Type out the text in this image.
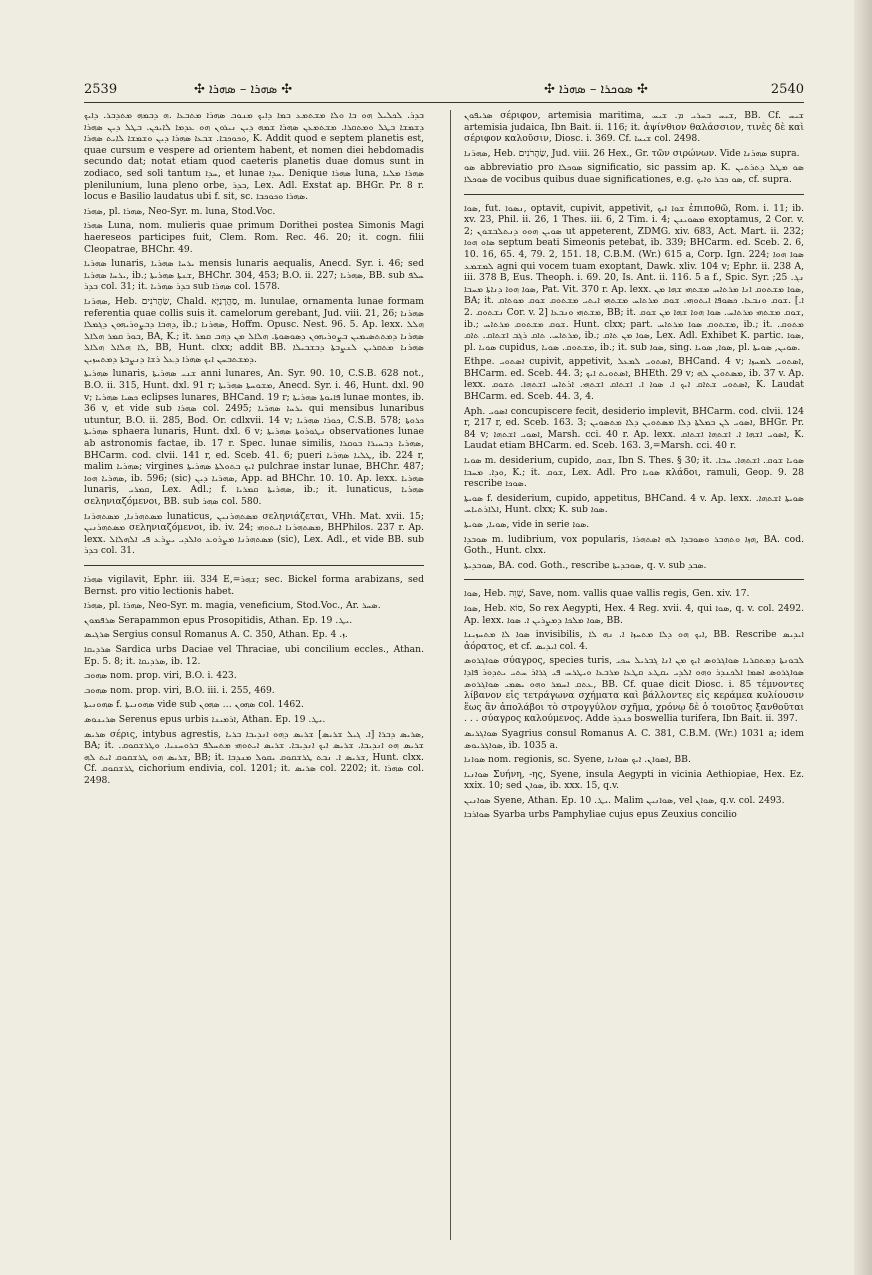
2539	✣ ܣܗܪܐ – ܣܗܪܐ ✣	✣ ܣܘܟܪܐ – ܣܗܪܐ ✣	2540

ܒܕܪ. ܠܟܠܝܠ ܗܘ ܒܐ ܘܠܐ ܡܫܬܡܥ ܒܡܐ ܕܐܝܟ ܡܢܘܒ ܣܗܪܐ ܡܬܒܥܐ .ܗ ܕܒܡܗ ܡܬܕܒܪ. ܕܐܝܟ ܕܫܡܫܐ ܒܛܠ ܘܡܬܩܪܐ. ܡܫܬܡܥܢ ܣܗܪܐ ܫܡܗ ܕܝܢ ܢܝܪܘܢ ܗܘ ܥܕܡܐ ܠܐܝܟܢ. ܒܛܠ ܕܝܢ ܣܗܪܐ ܘܟܘܟܒܐ. ܫܒܥܐ ܣܗܪܐ ܕܝܢ ܘܫܡܫܐ ܠܐܝܬ ܣܗܪܐ, K. Addit quod e septem planetis est, quae cursum e vespere ad orientem habent, et nomen diei hebdomadis secundo dat; notat etiam quod caeteris planetis duae domus sunt in zodiaco, sed soli tantum ܚܕܐ, et lunae ܚܕܐ. Denique ܣܗܪܐ luna, ܣܗܪܐ ܡܠܝܐ plenilunium, luna pleno orbe, ܒܕܪ, Lex. Adl. Exstat ap. BHGr. Pr. 8 r. locus e Basilio laudatus ubi f. sit, sc. ܣܗܪܐ ܘܟܘܟܒܐ.

ܣܗܪܐ, pl. ܣܗܪܐ, Neo-Syr. m. luna, Stod.Voc.

ܣܗܪܐ Luna, nom. mulieris quae primum Dorithei postea Simonis Magi haereseos participes fuit, Clem. Rom. Rec. 46. 20; it. cogn. filii Cleopatrae, BHChr. 49.

ܣܗܪܝܐ lunaris, ܝܪܚܐ ܣܗܪܝܐ mensis lunaris aequalis, Anecd. Syr. i. 46; sed ܝܪܚܐ ܣܗܪܝܐ, ib.; ܫܢܬܐ ܣܗܪܝܬܐ, BHChr. 304, 453; B.O. ii. 227; ܣܗܪܝܐ, BB. sub ܚܠܦ ܒܕܪ col. 31; it. ܒܕܪ ܣܗܪܝܐ sub ܣܗܪܐ col. 1578.

ܣܗܪܢܐ, Heb. שַׂהֲרֹנִים, Chald. סַהֲרָנַיָּא, m. lunulae, ornamenta lunae formam referentia quae collis suis it. camelorum gerebant, Jud. viii. 21, 26; ܣܗܪܢܐ ܕܗܒܐ ܕܒܨܘܪܝܗܘܢ ܕܓܡܠܐ, ib.; ܣܗܪܢܐ, Hoffm. Opusc. Nest. 96. 5. Ap. lexx. ܗܠܠ ܒܘܪ ܩܡܪ ܗܠܐܠ, BA, K.; it. ܣܗܪܢܐ ܕܡܬܬܣܝܡܝܢ ܒܨܘܪܝܗܘܢ ܕܣܘܣܘܬܐ. ܗܠܐܠ ܡܢ ܕܗܒ ܩܡܪ ܠܐ ܗܠܐܠ ܗܠܐܠ, BB, Hunt. clxx; addit BB. ܣܗܪܢܐ ܡܬܩܪܝܢ ܠܢܨܒܬܐ ܕܒܫܒܝܠܐ ܕܡܫܬܒܚܢ ܐܝܟ ܣܗܪܐ ܕܥܠ ܪܫܐ ܕܢܨܒܬܐ ܕܡܬܚܙܝܢ.

ܣܗܪܝܬܐ lunaris, ܫܢܝ ܣܗܪܝܬܐ anni lunares, An. Syr. 90. 10, C.S.B. 628 not., B.O. ii. 315, Hunt. dxl. 91 r; ܡܫܘܚܬܐ ܣܗܪܝܬܐ, Anecd. Syr. i. 46, Hunt. dxl. 90 v; ܟܣܝܐ ܣܗܪܝܐ eclipses lunares, BHCand. 19 r; ܦܐܝܘܬܐ ܣܗܪܝܬܐ lunae montes, ib. 36 v, et vide sub ܣܗܪܐ col. 2495; ܝܪܚܐ ܣܗܪܝܐ qui mensibus lunaribus utuntur, B.O. ii. 285, Bod. Or. cdlxvii. 14 v; ܟܘܪܐ ܣܗܪܝܐ, C.S.B. 578; ܟܪܘܬܐ ܣܗܪܝܬܐ sphaera lunaris, Hunt. dxl. 6 v; ܢܛܘܪܘܬܐ ܣܗܪܝܬܐ observationes lunae ab astronomis factae, ib. 17 r. Spec. lunae similis, ܣܗܪܝܐ ܕܒܚܝܪܐ ܒܘܩܪܐ, BHCarm. cod. clvii. 141 r, ed. Sceb. 41. 6; pueri ܛܠܝܐ ܣܗܪܝܐ, ib. 224 r, malim ܣܗܪܝܐ; virgines ܐܝܟ ܒܬܘܠܬܐ ܣܗܪܝܬܐ pulchrae instar lunae, BHChr. 487; ܣܗܪܝܐ ܗܘܐ, ib. 596; (sic) ܣܗܪܝܐ ܕܝܢ, App. ad BHChr. 10. 10. Ap. lexx. ܣܗܪܝܐ lunaris, ܩܡܪܝ, Lex. Adl.; f. ܣܗܪܝܬܐ ܩܡܪܝܐ, ib.; it. lunaticus, ܣܗܪܝܐ σεληνιαζόμενοι, BB. sub ܣܗܪ col. 580.

ܡܣܬܗܪܢܐ, ܡܣܬܗܪܢܐ lunaticus, ܡܣܬܗܪܢܝܢ σεληνιάζεται, VHh. Mat. xvii. 15; ܡܣܬܗܪܢܝܢ σεληνιαζόμενοι, ib. iv. 24; ܡܣܬܗܪܢܐ ܐܝܬܘܗܝ, BHPhilos. 237 r. Ap. lexx. ܡܣܬܗܪܢܐ ܡܨܪܘܥ ܘܐܠܕܝ ܝܨܪܥ ܦܝ ܐܠܗܠܐܠ (sic), Lex. Adl., et vide BB. sub ܒܕܪ col. 31.

ܣܗܪܐ vigilavit, Ephr. iii. 334 E,=ܫܗܪ; sec. Bickel forma arabizans, sed Bernst. pro vitio lectionis habet.

ܣܗܪܐ, pl. ܣܗܪܐ, Neo-Syr. m. magia, veneficium, Stod.Voc., Ar. ܣܚܪ.

ܣܪܦܡܘܢ Serapammon epus Prosopitidis, Athan. Ep. ܝܛ. 19.

ܣܪܓܝܣ Sergius consul Romanus A. C. 350, Athan. Ep. ܙ. 4.

ܣܪܕܝܩܐ Sardica urbs Daciae vel Thraciae, ubi concilium eccles., Athan. Ep. 5. 8; it. ܣܪܕܝܩܐ, ib. 12.

ܣܗܘܒ nom. prop. viri, B.O. i. 423.

ܣܗܘܒ nom. prop. viri, B.O. iii. i. 255, 469.

ܣܗܘܢܝܬܐ f. ܣܗܘܢܝܬܐ vide sub ܣܗܘܢ … ܣܗܘܢ col. 1462.

ܣܪܝܢܘܣ Serenus epus urbis ܐܪܡܝܢܐ, Athan. Ep. ܝܛ. 19.

ܣܪܝܣ σέρις, intybus agrestis, ܣܪܝܣ ܕܒܪܐ [ܐ. ܓܝܠ ܫܪܝܣ] ܫܪܝܣ ܕܗܘ ܐܢܕܝܒܐ ܒܪܝܐ, BA; it. ܫܪܝܣ ܗܘ ܐܢܕܝܒܐ. ܫܪܝܣ ܐܝܟ ܐܢܕܝܒܐ. ܫܪܝܣ ܐܝܬܘܗܝ ܡܬܚܠܦ ܒܪܘܚܢܝܐ. ܘܛܪܫܩܘܩ. ܫܪܝܣ ܗܘ ܛܪܫܩܘܩ ܐܝܬ ܠܗ, BB; it. ܫܪܝܣ ܐ. ܢܒܬ ܛܪܫܩܘܩ ܝܩܘܠ ܡܢܕܒܐ, Hunt. clxx. Cf. ܛܪܫܩܘܩ cichorium endivia, col. 1201; it. ܣܪܝܣ col. 2202; it. ܣܗܪܐ col. 2498.

ܣܪܝܦܘܢ σέριφον, artemisia maritima, ܫܝܚ ܒܚܪܝ ܡ. ܫܝܚ, BB. Cf. ܫܝܚ artemisia judaica, Ibn Bait. ii. 116; it. ἀψίνθιον θαλάσσιον, τινὲς δὲ καὶ σέριφον καλοῦσιν, Diosc. i. 369. Cf. ܫܝܚܐ col. 2498.

ܣܗܪܢܐ, Heb. שַׂהֲרֹנִים, Jud. viii. 26 Hex., Gr. τῶν σιρώνων. Vide ܣܗܪܢܐ supra.

ܣܘ abbreviatio pro ܣܘܟܠܐ significatio, sic passim ap. K. ܣܘ ܡܛܠ ܕܬܪܬܝܢ ܣܘܟܠܐ de vocibus quibus duae significationes, e.g. ܣܘ ܟܒܪ ܘܐܝܟ, cf. supra.

ܣܘܐ, fut. ܢܣܘܐ, optavit, cupivit, appetivit, ܫܘܐ ܐܝܟ ἐπιποθῶ, Rom. i. 11; ib. xv. 23, Phil. ii. 26, 1 Thes. iii. 6, 2 Tim. i. 4; ܡܣܘܝܢܢ exoptamus, 2 Cor. v. 2; ܣܘܝܢ ܗܘܘ ܕܢܬܠܒܫܘܢ ut appeterent, ZDMG. xiv. 683, Act. Mart. ii. 232; ܣܐܘ ܗܘܐ septum beati Simeonis petebat, ib. 339; BHCarm. ed. Sceb. 2. 6, 10. 16, 65. 4, 79. 2, 151. 18, C.B.M. (Wr.) 615 a, Corp. Ign. 224; ܣܘܐ ܗܘܐ ܠܡܫܡܥ agni qui vocem tuam exoptant, Dawk. xliv. 104 v; Ephr. ii. 238 A, iii. 378 B, Eus. Theoph. i. 69. 20, Is. Ant. ii. 116. 5 a f., Spic. Syr. ܢܓ. 25; ܣܘܐ ܗܘܐ ܕܢܐܬܐ ܡܚܒܐ, Pat. Vit. 370 r. Ap. lexx. ܣܘܐ ܡܫܬܘܩ ܐܢܐ ܡܪܬܐܚ ܡܫܬܗܝ ܫܗܐ ܡܢ, BA; it. ܫܘܩ ܘܢܒܥܐ. ܟܣܘܦܐ ܐܝܬܘܗܝ. ܫܘܩ ܡܪܬܐܚ ܡܫܬܗܝ ܐܝܬܝ ܡܫܬܘܩ ܫܘܩ ܡܘܬܐܩ. [ܐ. ܢܫܬܘܩ .2 Cor. v. 2] ܡܫܬܗܝ ܘܢܒܥܐ, BB; it. ܫܘܩ ܡܫܬܗܝ ܡܪܬܐܚ. ܣܘܐ ܗܘܐ ܫܗܐ ܡܢ ܫܘܩ, ib.; ܫܘܩ ܡܫܬܘܩ ܡܪܬܐܚ. Hunt. clxx; part. ܡܫܬܘܩ ܣܘܐ ܡܪܬܐܚ, ib.; it. ܡܬܘܩ. ܡܪܬܐܚ. ܬܐܩ ܪܓܒ ܐܫܬܐܩ. ܬܐܩ, ib.; ܣܘܐ ܡܢ ܬܐܩ, Lex. Adl. Exhibet K. partic. ܣܘܐ, pl. ܣܘܝܐ cupidus, ܡܫܬܘܩ. ܣܘܝܐ, ib.; it. sub ܣܘܐ, sing. ܣܘܐ, ܣܘܝܐ, pl. ܣܘܝܢ, ܣܘܝܬܐ.

Ethpe. ܐܣܬܘܝ cupivit, appetivit, ܐܣܬܘܝ ܠܡܥܠ, BHCand. 4 v; ܐܣܬܘܝ ܠܡܚܙܐ, BHCarm. ed. Sceb. 44. 3; ܐܣܬܘܝܬ ܐܝܟ, BHEth. 29 v; ܡܣܬܘܝܢ ܠܗ, ib. 37 v. Ap. lexx. ܐܣܬܘܝ ܫܬܐܩ ܐܝܟ ܐ. ܣܘܐ ܐ. ܐܫܬܐܩ ܐܫܬܗܝ. ܐܪܬܐܚ ܐܫܬܗܐ. ܬܫܘܩ, K. Laudat BHCarm. ed. Sceb. 44. 3, 4.

Aph. ܐܣܘܝ concupiscere fecit, desiderio implevit, BHCarm. cod. clvii. 124 r, 217 r, ed. Sceb. 163. 3; ܐܣܘܝ ܠܢ ܒܡܠܬܐ ܕܠܐ ܡܣܬܘܝܢ ܕܠܐ ܡܬܣܘܝܢ, BHGr. Pr. 84 v; ܐܣܘܝ ܐܫܬܗܐ, Marsh. cci. 40 r. Ap. lexx. ܐܣܘܝ ܐܫܗܐ ܐ. ܐܫܬܗܐ ܐܫܬܐܩ, K. Laudat etiam BHCarm. ed. Sceb. 163. 3,=Marsh. cci. 40 r.

ܣܘܝܐ m. desiderium, cupido, ܫܘܩ, Ibn S. Thes. § 30; it. ܣܘܝܐ ܫܘܩ. ܐܫܬܗܐ. ܚܒܐ. ܘܕܐ. ܡܚܒܐ, K.; it. ܫܘܩ, Lex. Adl. Pro ܣܘܝܐ κλάδοι, ramuli, Geop. 9. 28 rescribe ܣܘܟܐ.

ܣܘܝܬܐ f. desiderium, cupido, appetitus, BHCand. 4 v. Ap. lexx. ܣܘܝܬܐ ܐܫܬܗܐ. ܐܠܐܪܬܝܐܚ, Hunt. clxx; K. sub ܣܘܐ.

ܣܘܝܐ, ܣܘܝܬܐ, vide in serie ܣܘܐ.

ܣܘܒܕܐ m. ludibrium, vox popularis, ܗܙܐ ܘܬܗܒܪ ܘܣܘܒܕܐ ܠܗ ܐܣܬܗܪܐ, BA. cod. Goth., Hunt. clxx.

ܣܘܒܕܝܬܐ, BA. cod. Goth., rescribe ܣܘܒܕܝܬܐ, q. v. sub ܣܒܕ.

ܣܘܐ, Heb. שָׁוֵה, Save, nom. vallis quae vallis regis, Gen. xiv. 17.

ܣܘܐ, Heb. סוֹא, So rex Aegypti, Hex. 4 Reg. xvii. 4, qui ܣܘܐ, q. v. col. 2492. Ap. lexx. ܣܘܐ ܡܠܟܐ ܕܡܨܪܝܢ ܐ. ܣܘܐ, BB.

ܣܘܐ ܠܐ ܡܬܚܙܝܢܐ invisibilis, ܐܝܟ ܗܘ ܕܠܐ ܡܬܚܙܐ ܐ. ܢܗ ܠܐ, BB. Rescribe ܐܝܕܝܣ ἀόρατος, et cf. ܐܝܕܝܣ col. 4.

ܣܘܐܓܪܘܣ σύαγρος, species turis, ܠܒܘܢܬܐ ܕܡܬܩܪܝܐ ܣܘܐܓܪܘܣ ܐܝܟ ܡܢ ܐܢܐ ܓܒܪܝܠ ܚܟܝ ܣܘܐܓܪܘܣ ܐܣܡܐ ܐܠܟܢܕܪ ܘܗܘ ܐܠܕܝ ܝܩܛܥ ܩܛܥܐ ܡܪܒܥܐ ܘܝܛܪܚ ܦܝ ܓܪܐܪ ܚܬܝ ܝܬܕܘܪ ܦܐܕܐ ܥܬܩ ܐܚܡܪ ܘܗܘ ܝܣܡܝ ܣܘܐܓܪܘܣ, BB. Cf. quae dicit Diosc. i. 85 τέμνοντες λίβανον εἰς τετράγωνα σχήματα καὶ βάλλοντες εἰς κεράμεα κυλίουσιν ἕως ἂν ἀπολάβοι τὸ στρογγύλον σχῆμα, χρόνῳ δὲ ὁ τοιοῦτος ξανθοῦται . . . σύαγρος καλούμενος. Adde ܟܢܕܪ boswellia turifera, Ibn Bait. ii. 397.

ܣܘܐܓܪܝܣ Syagrius consul Romanus A. C. 381, C.B.M. (Wr.) 1031 a; idem ܣܘܐܓܪܝܘܣ, ib. 1035 a.

ܣܘܐܢܐ nom. regionis, sc. Syene, ܐܣܘܐܢ. ܐܝܟ ܣܘܐܢܐ, BB.

ܣܘܐܢܝܐ Συήνη, -ης, Syene, insula Aegypti in vicinia Aethiopiae, Hex. Ez. xxix. 10; sed ܣܘܐܢ, ib. xxx. 15, q.v.

ܣܘܐܢܝܢ Syene, Athan. Ep. ܝܛ. 10. Malim ܣܘܐܢܝܢ, vel ܣܘܐܢ, q.v. col. 2493.

ܣܘܐܪܒܐ Syarba urbs Pamphyliae cujus epus Zeuxius concilio
